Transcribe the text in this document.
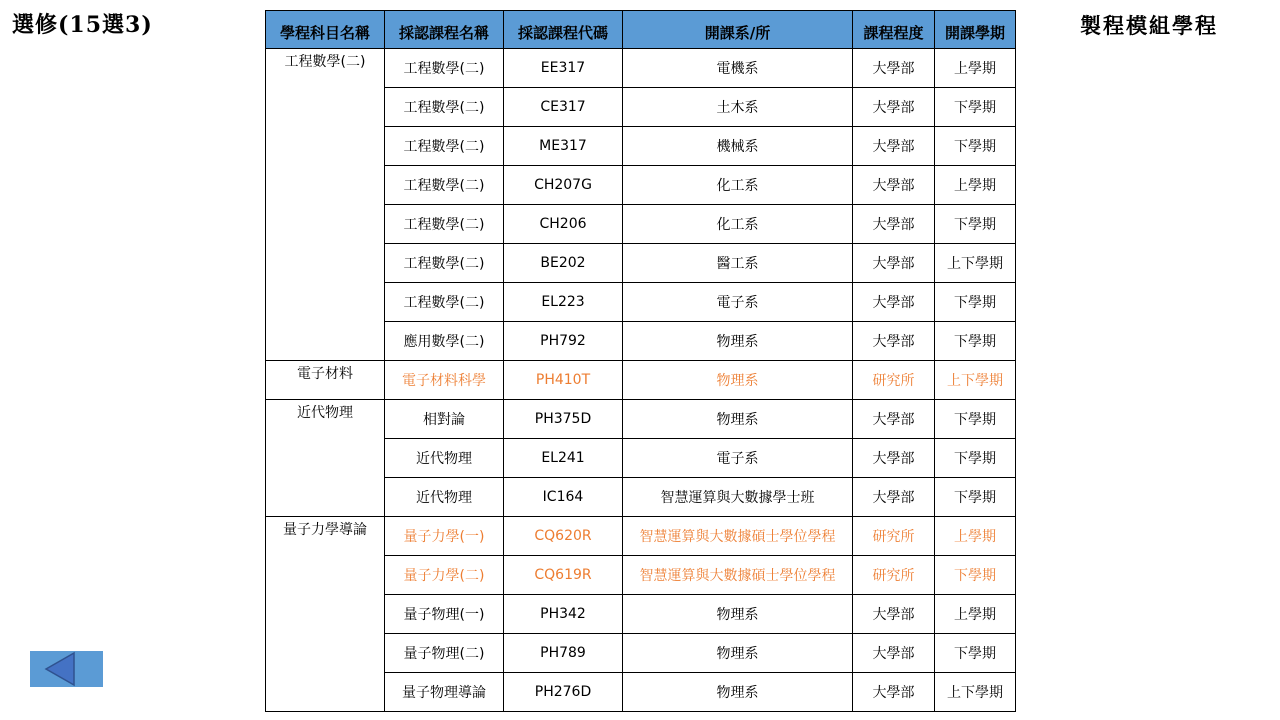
選修(15選3)	製程模組學程
學程科目名稱	採認課程名稱	採認課程代碼	開課系/所	課程程度	開課學期
工程數學(二)	工程數學(二)	EE317	電機系	大學部	上學期
	工程數學(二)	CE317	土木系	大學部	下學期
	工程數學(二)	ME317	機械系	大學部	下學期
	工程數學(二)	CH207G	化工系	大學部	上學期
	工程數學(二)	CH206	化工系	大學部	下學期
	工程數學(二)	BE202	醫工系	大學部	上下學期
	工程數學(二)	EL223	電子系	大學部	下學期
	應用數學(二)	PH792	物理系	大學部	下學期
電子材料	電子材料科學	PH410T	物理系	研究所	上下學期
近代物理	相對論	PH375D	物理系	大學部	下學期
	近代物理	EL241	電子系	大學部	下學期
	近代物理	IC164	智慧運算與大數據學士班	大學部	下學期
量子力學導論	量子力學(一)	CQ620R	智慧運算與大數據碩士學位學程	研究所	上學期
	量子力學(二)	CQ619R	智慧運算與大數據碩士學位學程	研究所	下學期
	量子物理(一)	PH342	物理系	大學部	上學期
	量子物理(二)	PH789	物理系	大學部	下學期
	量子物理導論	PH276D	物理系	大學部	上下學期
